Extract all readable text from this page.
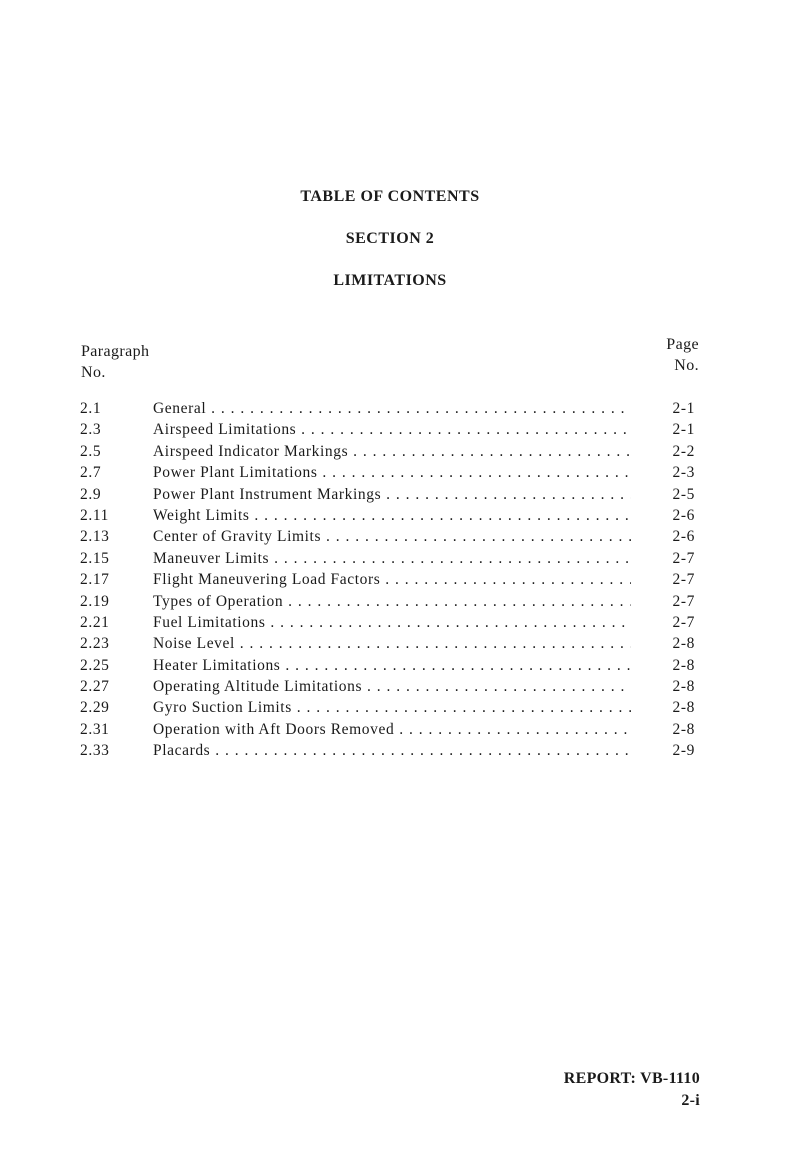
TABLE OF CONTENTS
SECTION 2
LIMITATIONS
Paragraph
No.
Page
No.
2.1	General . . .	2-1
2.3	Airspeed Limitations . . .	2-1
2.5	Airspeed Indicator Markings . . .	2-2
2.7	Power Plant Limitations . . .	2-3
2.9	Power Plant Instrument Markings . . .	2-5
2.11	Weight Limits . . .	2-6
2.13	Center of Gravity Limits . . .	2-6
2.15	Maneuver Limits . . .	2-7
2.17	Flight Maneuvering Load Factors . . .	2-7
2.19	Types of Operation . . .	2-7
2.21	Fuel Limitations . . .	2-7
2.23	Noise Level . . .	2-8
2.25	Heater Limitations . . .	2-8
2.27	Operating Altitude Limitations . . .	2-8
2.29	Gyro Suction Limits . . .	2-8
2.31	Operation with Aft Doors Removed . . .	2-8
2.33	Placards . . .	2-9
REPORT: VB-1110
2-i
